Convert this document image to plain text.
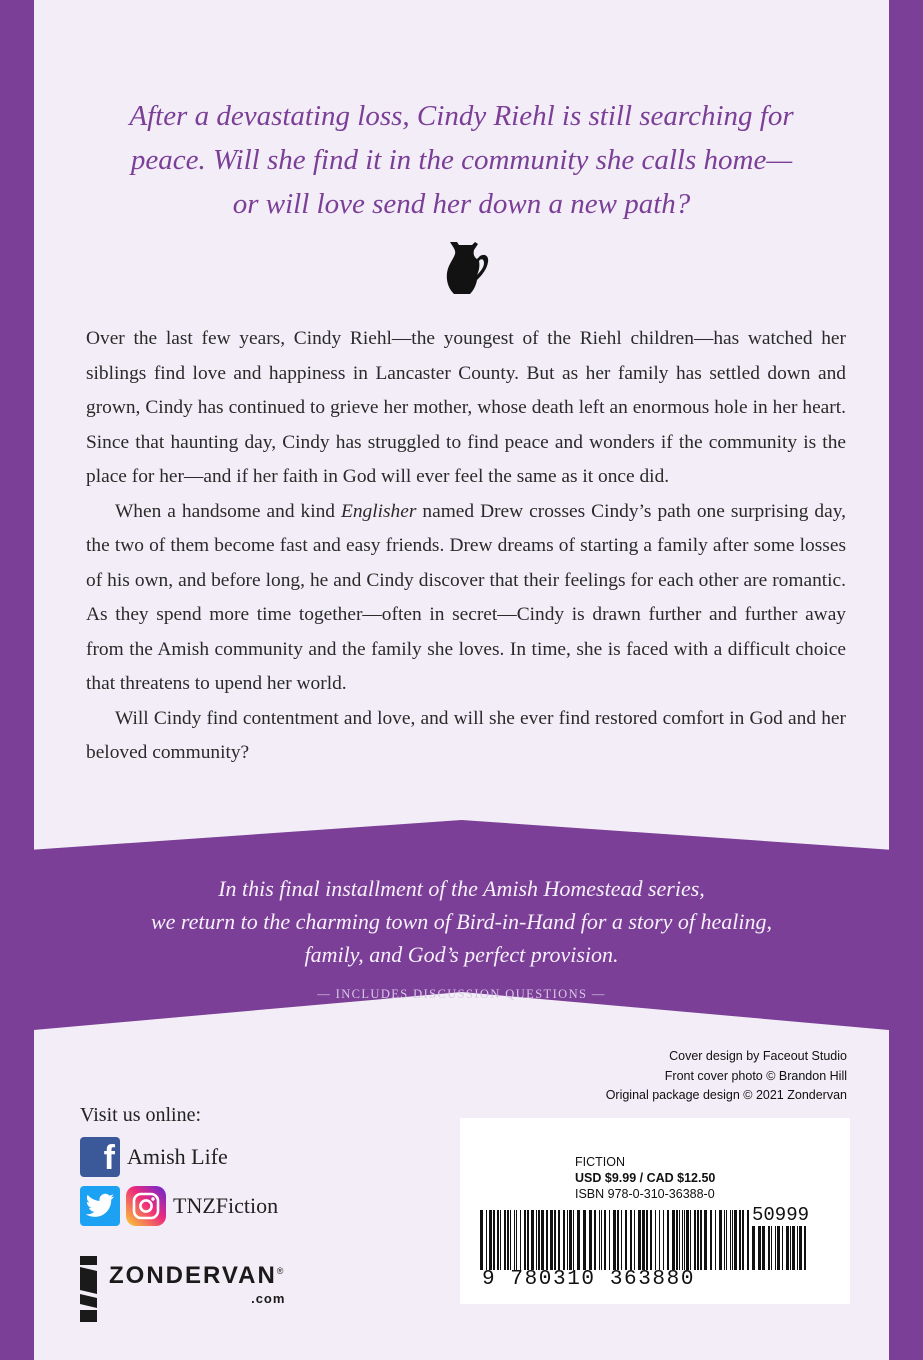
After a devastating loss, Cindy Riehl is still searching for
peace. Will she find it in the community she calls home—
or will love send her down a new path?

Over the last few years, Cindy Riehl—the youngest of the Riehl children—has watched her siblings find love and happiness in Lancaster County. But as her family has settled down and grown, Cindy has continued to grieve her mother, whose death left an enormous hole in her heart. Since that haunting day, Cindy has struggled to find peace and wonders if the community is the place for her—and if her faith in God will ever feel the same as it once did.

When a handsome and kind Englisher named Drew crosses Cindy’s path one surprising day, the two of them become fast and easy friends. Drew dreams of starting a family after some losses of his own, and before long, he and Cindy discover that their feelings for each other are romantic. As they spend more time together—often in secret—Cindy is drawn further and further away from the Amish community and the family she loves. In time, she is faced with a difficult choice that threatens to upend her world.

Will Cindy find contentment and love, and will she ever find restored comfort in God and her beloved community?

In this final installment of the Amish Homestead series,
we return to the charming town of Bird-in-Hand for a story of healing,
family, and God’s perfect provision.
— INCLUDES DISCUSSION QUESTIONS —
Cover design by Faceout Studio
Front cover photo © Brandon Hill
Original package design © 2021 Zondervan
Visit us online:
f Amish Life
TNZFiction
ZONDERVAN®
.com
FICTION
USD $9.99 / CAD $12.50
ISBN 978-0-310-36388-0
50999
9 780310 363880
